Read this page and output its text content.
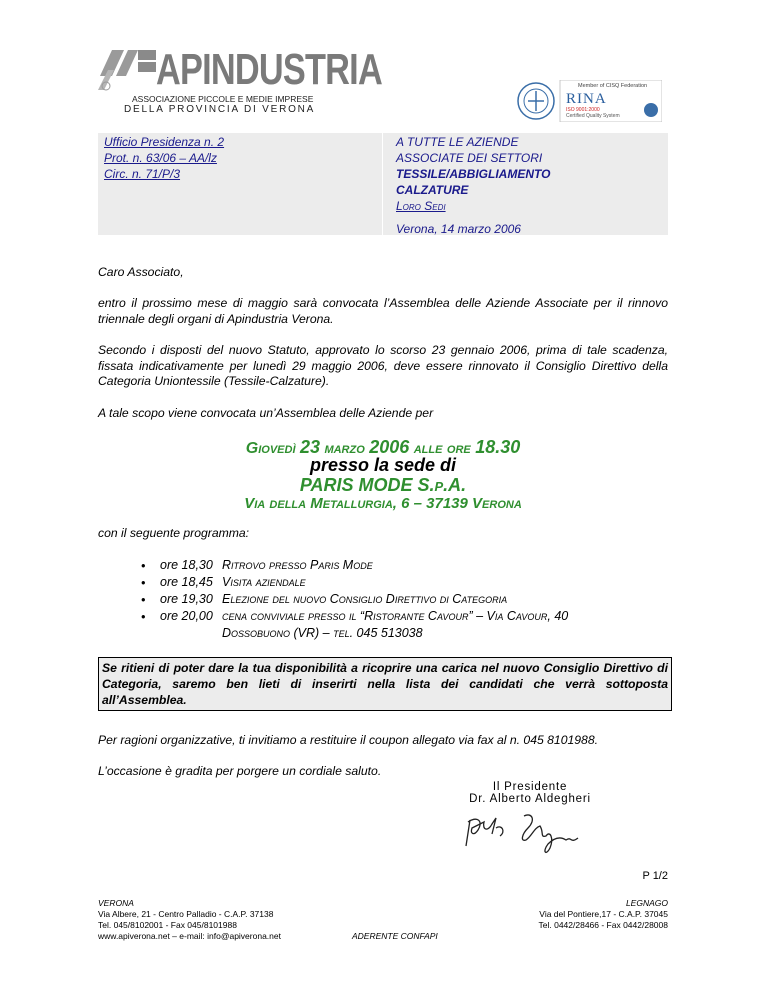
APINDUSTRIA
ASSOCIAZIONE PICCOLE E MEDIE IMPRESE
DELLA PROVINCIA DI VERONA
Member of CISQ Federation
RINA
ISO 9001:2000
Certified Quality System
Ufficio Presidenza n. 2
Prot. n. 63/06 – AA/lz
Circ. n. 71/P/3
A TUTTE LE AZIENDE
ASSOCIATE DEI SETTORI
TESSILE/ABBIGLIAMENTO
CALZATURE
Loro Sedi
Verona, 14 marzo 2006
Caro Associato,
entro il prossimo mese di maggio sarà convocata l’Assemblea delle Aziende Associate per il rinnovo triennale degli organi di Apindustria Verona.
Secondo i disposti del nuovo Statuto, approvato lo scorso 23 gennaio 2006, prima di tale scadenza, fissata indicativamente per lunedì 29 maggio 2006, deve essere rinnovato il Consiglio Direttivo della Categoria Uniontessile (Tessile-Calzature).
A tale scopo viene convocata un’Assemblea delle Aziende per
Giovedì 23 marzo 2006 alle ore 18.30
presso la sede di
PARIS MODE S.p.A.
Via della Metallurgia, 6 – 37139 Verona
con il seguente programma:
• ore 18,30 Ritrovo presso Paris Mode
• ore 18,45 Visita aziendale
• ore 19,30 Elezione del nuovo Consiglio Direttivo di Categoria
• ore 20,00 cena conviviale presso il “Ristorante Cavour” – Via Cavour, 40
Dossobuono (VR) – tel. 045 513038
Se ritieni di poter dare la tua disponibilità a ricoprire una carica nel nuovo Consiglio Direttivo di Categoria, saremo ben lieti di inserirti nella lista dei candidati che verrà sottoposta all’Assemblea.
Per ragioni organizzative, ti invitiamo a restituire il coupon allegato via fax al n. 045 8101988.
L’occasione è gradita per porgere un cordiale saluto.
Il Presidente
Dr. Alberto Aldegheri
P 1/2
VERONA
Via Albere, 21 - Centro Palladio - C.A.P. 37138
Tel. 045/8102001 - Fax 045/8101988
www.apiverona.net – e-mail: info@apiverona.net	ADERENTE CONFAPI
LEGNAGO
Via del Pontiere,17 - C.A.P. 37045
Tel. 0442/28466 - Fax 0442/28008
